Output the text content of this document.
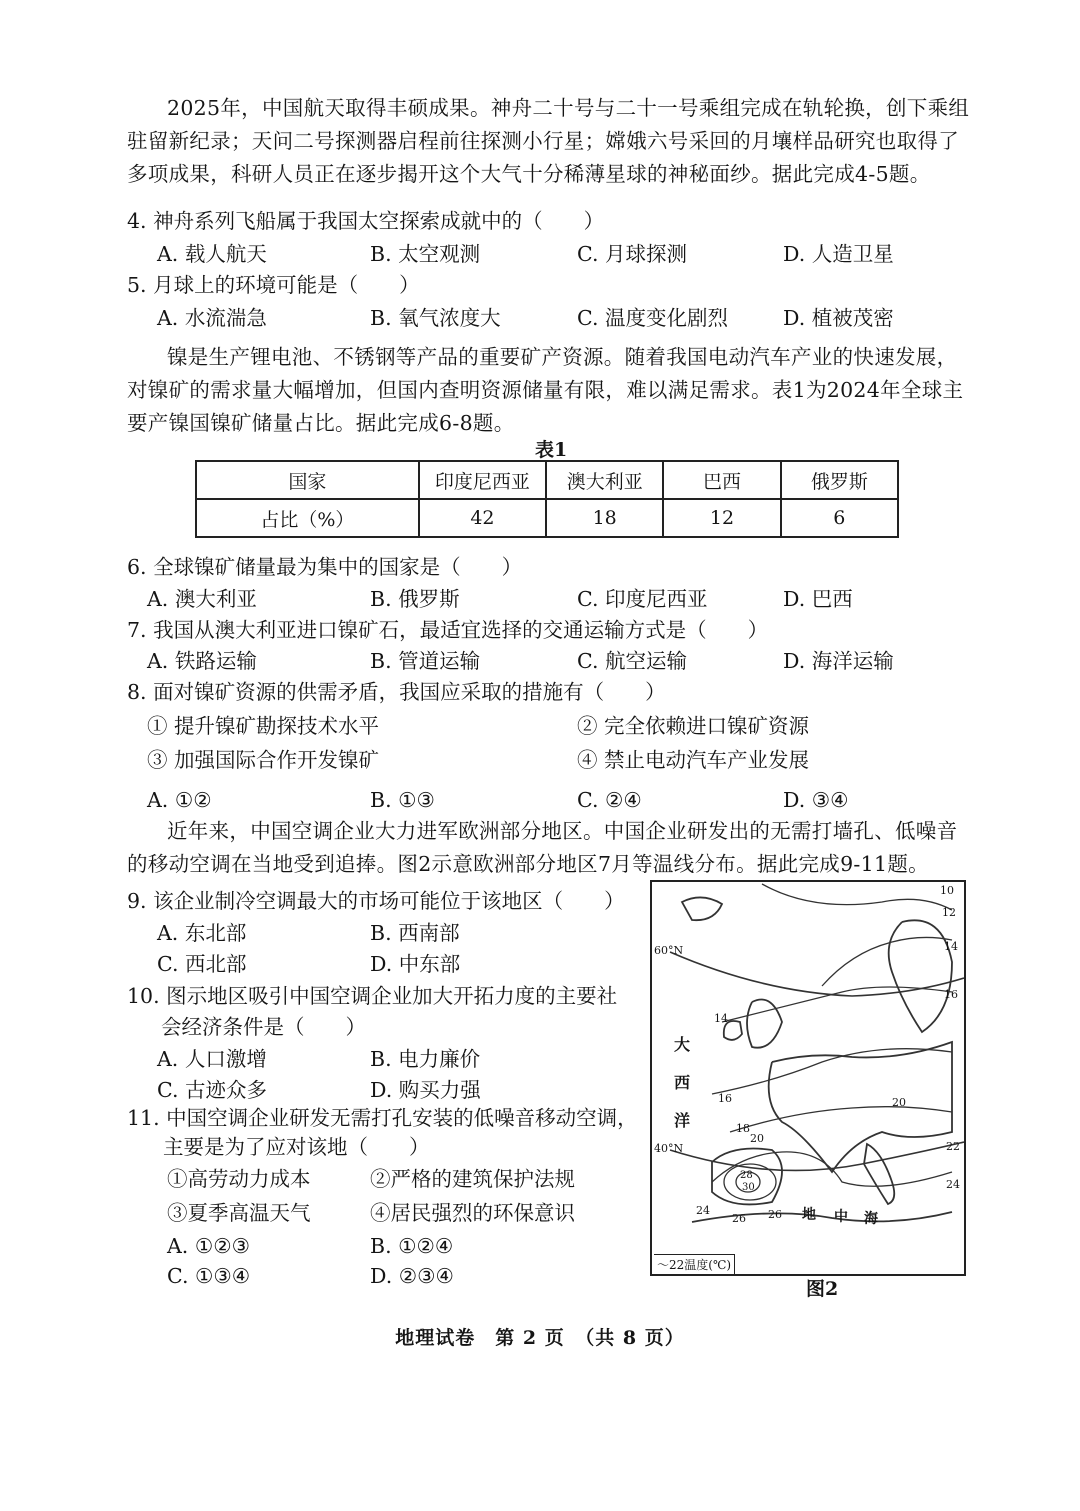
2025年，中国航天取得丰硕成果。神舟二十号与二十一号乘组完成在轨轮换，创下乘组驻留新纪录；天问二号探测器启程前往探测小行星；嫦娥六号采回的月壤样品研究也取得了多项成果，科研人员正在逐步揭开这个大气十分稀薄星球的神秘面纱。据此完成4-5题。
4. 神舟系列飞船属于我国太空探索成就中的（　　）
A. 载人航天	B. 太空观测	C. 月球探测	D. 人造卫星
5. 月球上的环境可能是（　　）
A. 水流湍急	B. 氧气浓度大	C. 温度变化剧烈	D. 植被茂密
镍是生产锂电池、不锈钢等产品的重要矿产资源。随着我国电动汽车产业的快速发展，对镍矿的需求量大幅增加，但国内查明资源储量有限，难以满足需求。表1为2024年全球主要产镍国镍矿储量占比。据此完成6-8题。
表1
国家	印度尼西亚	澳大利亚	巴西	俄罗斯
占比（%）	42	18	12	6
6. 全球镍矿储量最为集中的国家是（　　）
A. 澳大利亚	B. 俄罗斯	C. 印度尼西亚	D. 巴西
7. 我国从澳大利亚进口镍矿石，最适宜选择的交通运输方式是（　　）
A. 铁路运输	B. 管道运输	C. 航空运输	D. 海洋运输
8. 面对镍矿资源的供需矛盾，我国应采取的措施有（　　）
① 提升镍矿勘探技术水平	② 完全依赖进口镍矿资源
③ 加强国际合作开发镍矿	④ 禁止电动汽车产业发展
A. ①②	B. ①③	C. ②④	D. ③④
近年来，中国空调企业大力进军欧洲部分地区。中国企业研发出的无需打墙孔、低噪音的移动空调在当地受到追捧。图2示意欧洲部分地区7月等温线分布。据此完成9-11题。
9. 该企业制冷空调最大的市场可能位于该地区（　　）
A. 东北部	B. 西南部
C. 西北部	D. 中东部
10. 图示地区吸引中国空调企业加大开拓力度的主要社
会经济条件是（　　）
A. 人口激增	B. 电力廉价
C. 古迹众多	D. 购买力强
11. 中国空调企业研发无需打孔安装的低噪音移动空调，
主要是为了应对该地（　　）
①高劳动力成本	②严格的建筑保护法规
③夏季高温天气	④居民强烈的环保意识
A. ①②③	B. ①②④
C. ①③④	D. ②③④
60°N
40°N
大
西
洋
地 中 海
～22温度(℃)
10
12
14
14
16
16
18
20
20
22
24
24
26 26
28
30
图2
地理试卷　第 2 页　（共 8 页）
